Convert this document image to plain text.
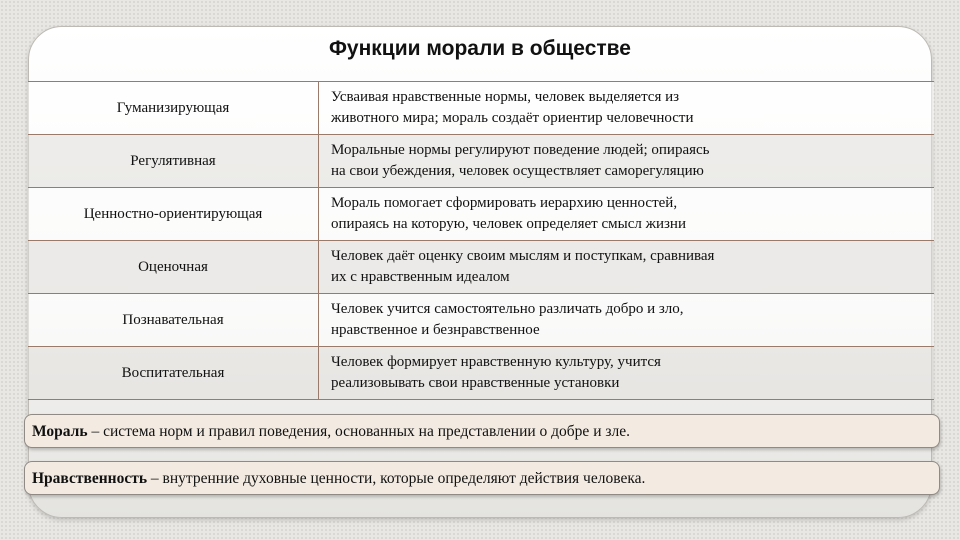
Функции морали в обществе
Гуманизирующая	Усваивая нравственные нормы, человек выделяется из
животного мира; мораль создаёт ориентир человечности
Регулятивная	Моральные нормы регулируют поведение людей; опираясь
на свои убеждения, человек осуществляет саморегуляцию
Ценностно-ориентирующая	Мораль помогает сформировать иерархию ценностей,
опираясь на которую, человек определяет смысл жизни
Оценочная	Человек даёт оценку своим мыслям и поступкам, сравнивая
их с нравственным идеалом
Познавательная	Человек учится самостоятельно различать добро и зло,
нравственное и безнравственное
Воспитательная	Человек формирует нравственную культуру, учится
реализовывать свои нравственные установки
Мораль – система норм и правил поведения, основанных на представлении о добре и зле.
Нравственность – внутренние духовные ценности, которые определяют действия человека.
